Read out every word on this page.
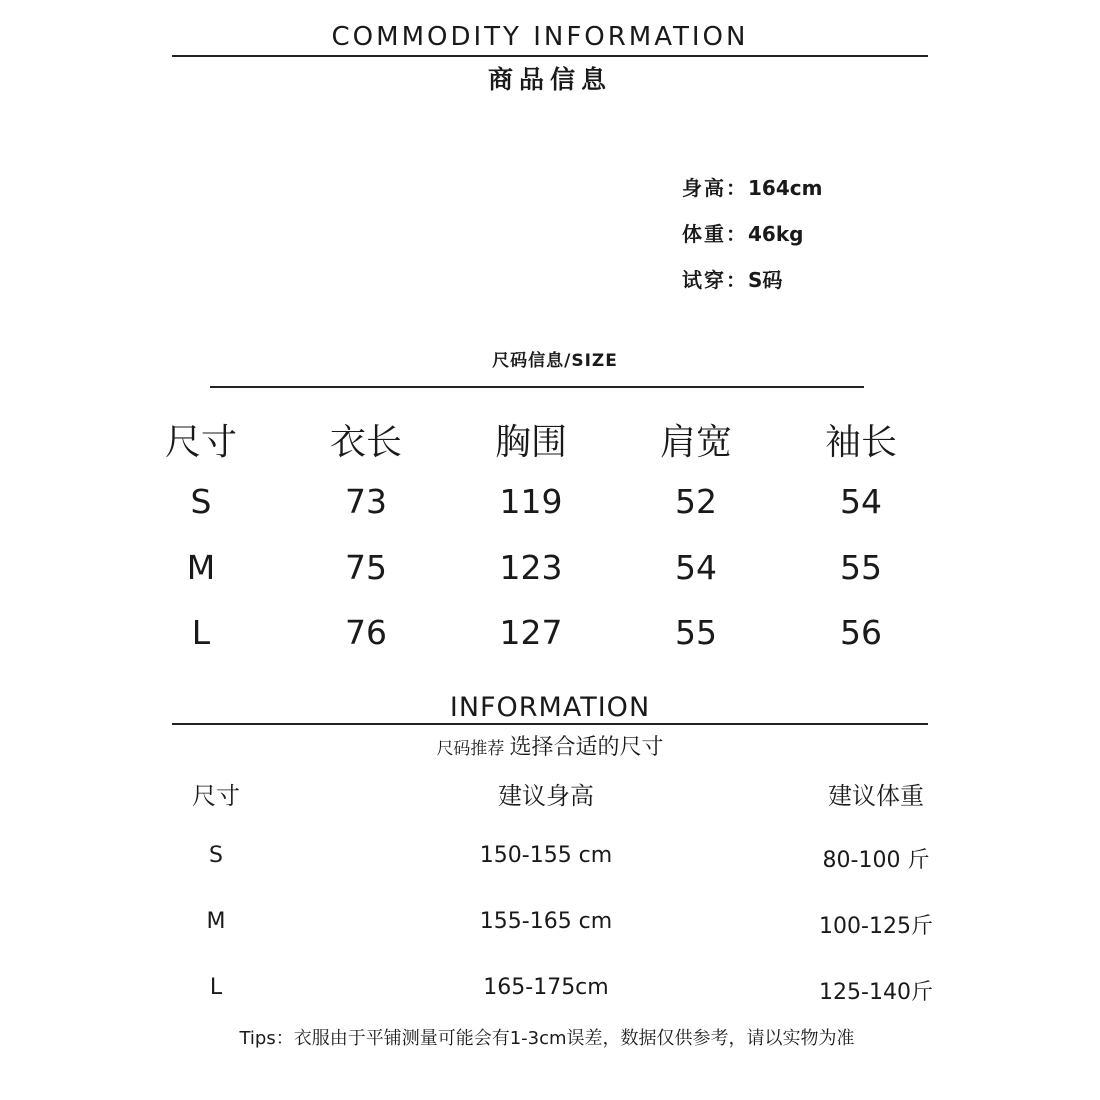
COMMODITY INFORMATION
商品信息
身高：164cm
体重：46kg
试穿：S码
尺码信息/SIZE
尺寸	衣长	胸围	肩宽	袖长
S	73	119	52	54
M	75	123	54	55
L	76	127	55	56
INFORMATION
尺码推荐 选择合适的尺寸
尺寸	建议身高	建议体重
S	150-155 cm	80-100 斤
M	155-165 cm	100-125斤
L	165-175cm	125-140斤
Tips：衣服由于平铺测量可能会有1-3cm误差，数据仅供参考，请以实物为准
